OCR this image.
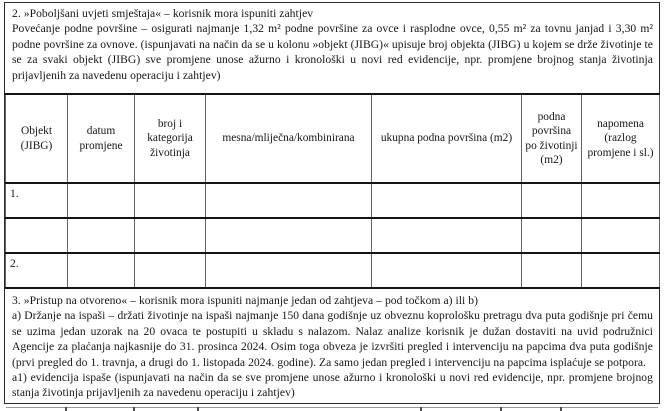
2. »Poboljšani uvjeti smještaja« – korisnik mora ispuniti zahtjev
Povećanje podne površine – osigurati najmanje 1,32 m² podne površine za ovce i rasplodne ovce, 0,55 m² za tovnu janjad i 3,30 m² podne površine za ovnove. (ispunjavati na način da se u kolonu »objekt (JIBG)« upisuje broj objekta (JIBG) u kojem se drže životinje te se za svaki objekt (JIBG) sve promjene unose ažurno i kronološki u novi red evidencije, npr. promjene brojnog stanja životinja prijavljenih za navedenu operaciju i zahtjev)
Objekt (JIBG)	datum promjene	broj i kategorija životinja	mesna/mliječna/kombinirana	ukupna podna površina (m2)	podna površina po životinji (m2)	napomena (razlog promjene i sl.)
1.						

2.						
3. »Pristup na otvoreno« – korisnik mora ispuniti najmanje jedan od zahtjeva – pod točkom a) ili b)
a) Držanje na ispaši – držati životinje na ispaši najmanje 150 dana godišnje uz obveznu koprološku pretragu dva puta godišnje pri čemu se uzima jedan uzorak na 20 ovaca te postupiti u skladu s nalazom. Nalaz analize korisnik je dužan dostaviti na uvid podružnici Agencije za plaćanja najkasnije do 31. prosinca 2024. Osim toga obveza je izvršiti pregled i intervenciju na papcima dva puta godišnje (prvi pregled do 1. travnja, a drugi do 1. listopada 2024. godine). Za samo jedan pregled i intervenciju na papcima isplaćuje se potpora.
a1) evidencija ispaše (ispunjavati na način da se sve promjene unose ažurno i kronološki u novi red evidencije, npr. promjene brojnog stanja životinja prijavljenih za navedenu operaciju i zahtjev)
